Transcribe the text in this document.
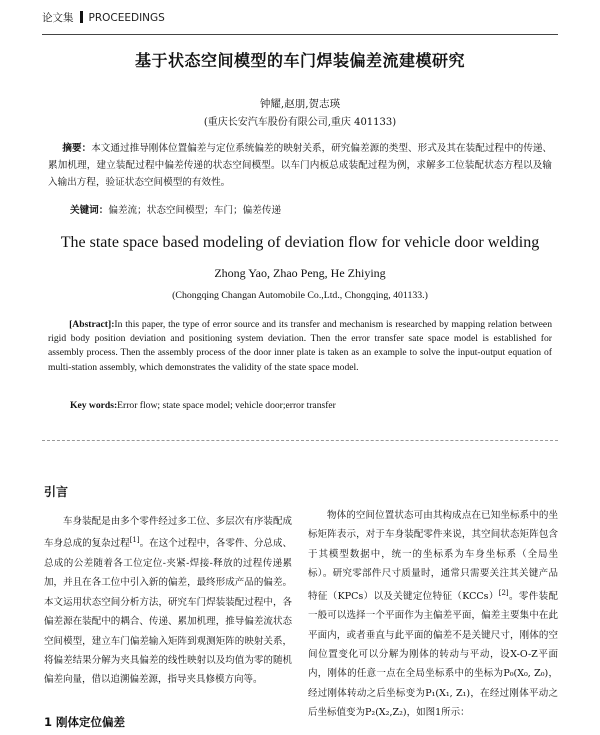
论文集 PROCEEDINGS
基于状态空间模型的车门焊装偏差流建模研究
钟耀,赵朋,贺志瑛
(重庆长安汽车股份有限公司,重庆 401133)
摘要：本文通过推导刚体位置偏差与定位系统偏差的映射关系，研究偏差源的类型、形式及其在装配过程中的传递、累加机理，建立装配过程中偏差传递的状态空间模型。以车门内板总成装配过程为例，求解多工位装配状态方程以及输入输出方程，验证状态空间模型的有效性。
关键词：偏差流；状态空间模型；车门；偏差传递
The state space based modeling of deviation flow for vehicle door welding
Zhong Yao, Zhao Peng, He Zhiying
(Chongqing Changan Automobile Co.,Ltd., Chongqing, 401133.)
[Abstract]:In this paper, the type of error source and its transfer and mechanism is researched by mapping relation between rigid body position deviation and positioning system deviation. Then the error transfer sate space model is established for assembly process. Then the assembly process of the door inner plate is taken as an example to solve the input-output equation of multi-station assembly, which demonstrates the validity of the state space model.
Key words:Error flow; state space model; vehicle door;error transfer
引言
车身装配是由多个零件经过多工位、多层次有序装配成车身总成的复杂过程[1]。在这个过程中，各零件、分总成、总成的公差随着各工位定位-夹紧-焊接-释放的过程传递累加，并且在各工位中引入新的偏差，最终形成产品的偏差。本文运用状态空间分析方法，研究车门焊装装配过程中，各偏差源在装配中的耦合、传递、累加机理，推导偏差流状态空间模型，建立车门偏差输入矩阵到观测矩阵的映射关系，将偏差结果分解为夹具偏差的线性映射以及均值为零的随机偏差向量，借以追溯偏差源，指导夹具修模方向等。
物体的空间位置状态可由其构成点在已知坐标系中的坐标矩阵表示，对于车身装配零件来说，其空间状态矩阵包含于其模型数据中，统一的坐标系为车身坐标系（全局坐标）。研究零部件尺寸质量时，通常只需要关注其关键产品特征（KPCs）以及关键定位特征（KCCs）[2]。零件装配一般可以选择一个平面作为主偏差平面，偏差主要集中在此平面内，或者垂直与此平面的偏差不是关键尺寸，刚体的空间位置变化可以分解为刚体的转动与平动，设X-O-Z平面内，刚体的任意一点在全局坐标系中的坐标为P₀(X₀, Z₀)，经过刚体转动之后坐标变为P₁(X₁, Z₁)，在经过刚体平动之后坐标值变为P₂(X₂,Z₂)，如图1所示：
1 刚体定位偏差
